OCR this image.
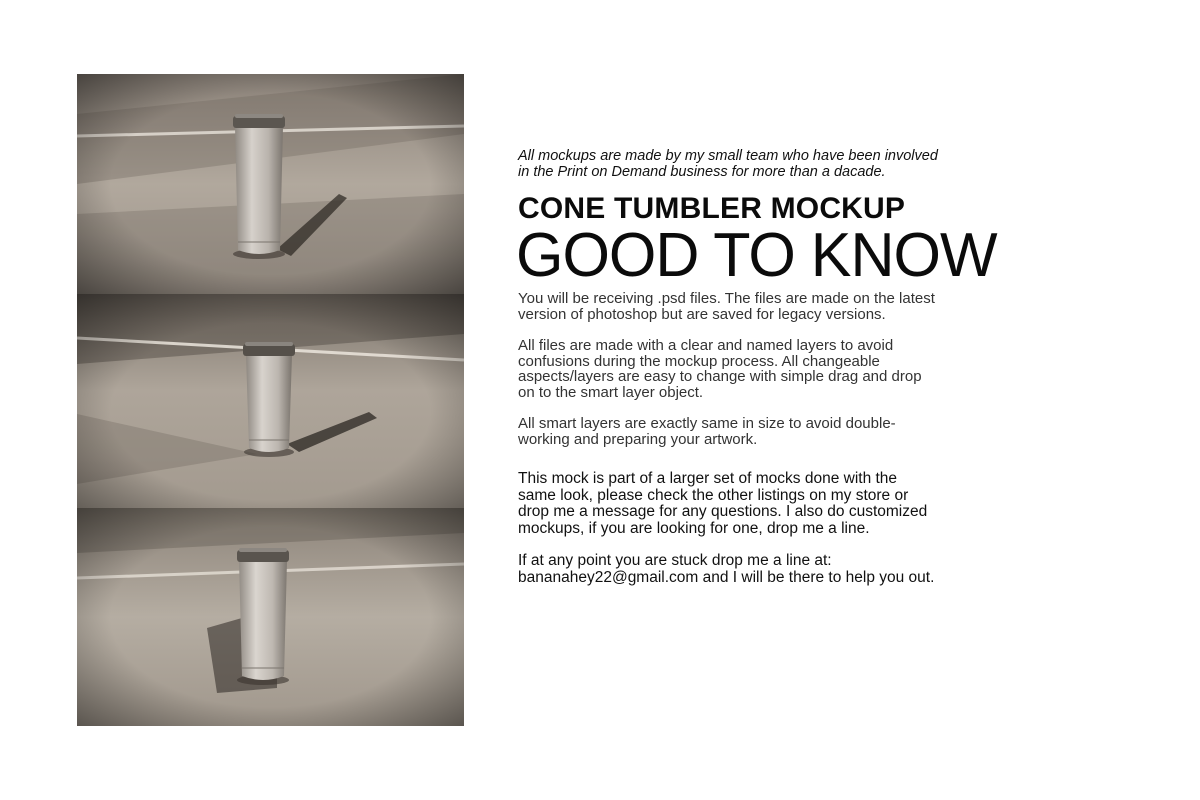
All mockups are made by my small team who have been involved in the Print on Demand business for more than a dacade.

CONE TUMBLER MOCKUP
GOOD TO KNOW

You will be receiving .psd files. The files are made on the latest version of photoshop but are saved for legacy versions.

All files are made with a clear and named layers to avoid confusions during the mockup process. All changeable aspects/layers are easy to change with simple drag and drop on to the smart layer object.

All smart layers are exactly same in size to avoid double-working and preparing your artwork.

This mock is part of a larger set of mocks done with the same look, please check the other listings on my store or drop me a message for any questions. I also do customized mockups, if you are looking for one, drop me a line.

If at any point you are stuck drop me a line at: bananahey22@gmail.com and I will be there to help you out.
